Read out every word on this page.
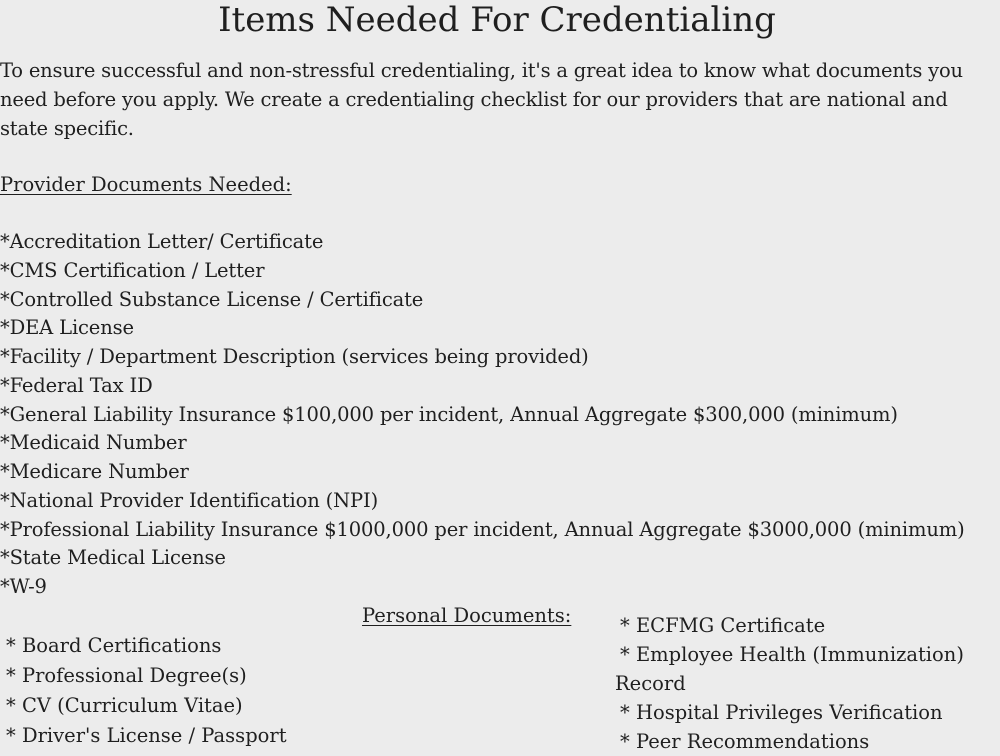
Items Needed For Credentialing

To ensure successful and non-stressful credentialing, it's a great idea to know what documents you need before you apply. We create a credentialing checklist for our providers that are national and state specific.

Provider Documents Needed:

*Accreditation Letter/ Certificate
*CMS Certification / Letter
*Controlled Substance License / Certificate
*DEA License
*Facility / Department Description (services being provided)
*Federal Tax ID
*General Liability Insurance $100,000 per incident, Annual Aggregate $300,000 (minimum)
*Medicaid Number
*Medicare Number
*National Provider Identification (NPI)
*Professional Liability Insurance $1000,000 per incident, Annual Aggregate $3000,000 (minimum)
*State Medical License
*W-9

Personal Documents:

* Board Certifications
* Professional Degree(s)
* CV (Curriculum Vitae)
* Driver's License / Passport
* ECFMG Certificate
* Employee Health (Immunization)
Record
* Hospital Privileges Verification
* Peer Recommendations
